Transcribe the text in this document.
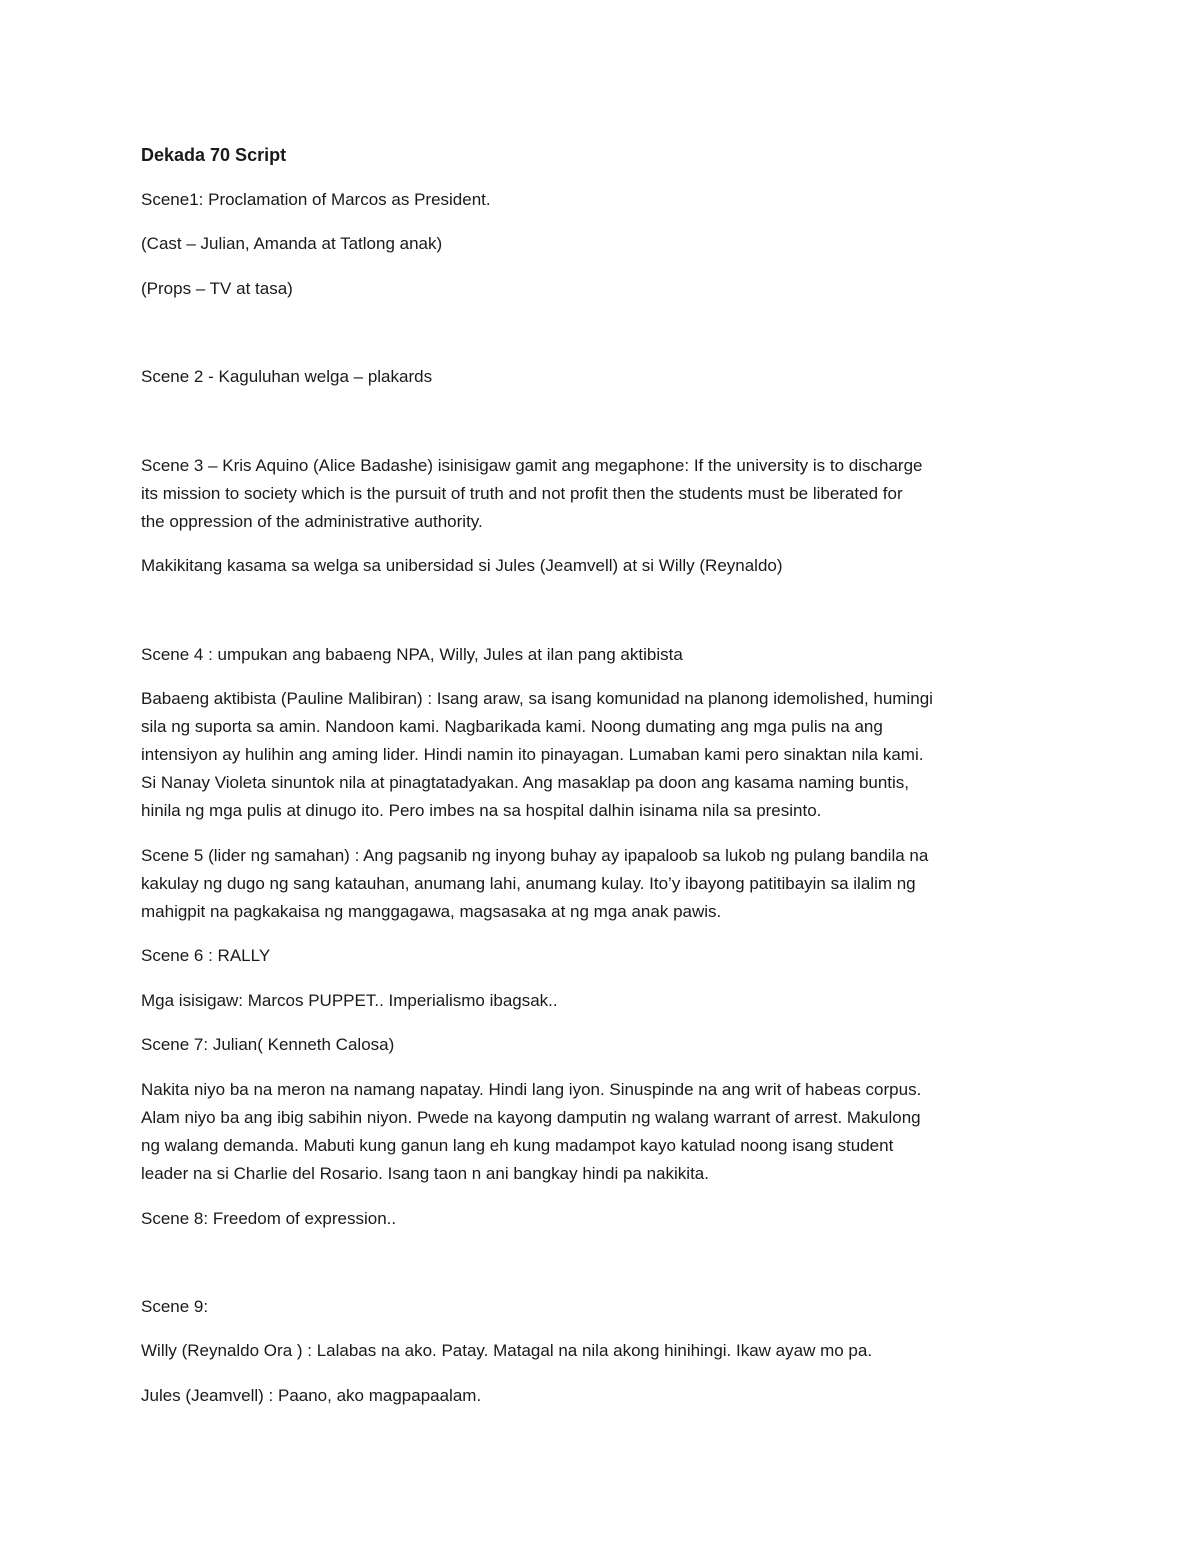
Dekada 70 Script

Scene1: Proclamation of Marcos as President.

(Cast – Julian, Amanda at Tatlong anak)

(Props – TV at tasa)

Scene 2 - Kaguluhan welga – plakards

Scene 3 – Kris Aquino (Alice Badashe) isinisigaw gamit ang megaphone: If the university is to discharge

its mission to society which is the pursuit of truth and not profit then the students must be liberated for

the oppression of the administrative authority.

Makikitang kasama sa welga sa unibersidad si Jules (Jeamvell) at si Willy (Reynaldo)

Scene 4 : umpukan ang babaeng NPA, Willy, Jules at ilan pang aktibista

Babaeng aktibista (Pauline Malibiran) : Isang araw, sa isang komunidad na planong idemolished, humingi

sila ng suporta sa amin. Nandoon kami. Nagbarikada kami. Noong dumating ang mga pulis na ang

intensiyon ay hulihin ang aming lider. Hindi namin ito pinayagan. Lumaban kami pero sinaktan nila kami.

Si Nanay Violeta sinuntok nila at pinagtatadyakan. Ang masaklap pa doon ang kasama naming buntis,

hinila ng mga pulis at dinugo ito. Pero imbes na sa hospital dalhin isinama nila sa presinto.

Scene 5 (lider ng samahan) : Ang pagsanib ng inyong buhay ay ipapaloob sa lukob ng pulang bandila na

kakulay ng dugo ng sang katauhan, anumang lahi, anumang kulay. Ito’y ibayong patitibayin sa ilalim ng

mahigpit na pagkakaisa ng manggagawa, magsasaka at ng mga anak pawis.

Scene 6 : RALLY

Mga isisigaw: Marcos PUPPET.. Imperialismo ibagsak..

Scene 7: Julian( Kenneth Calosa)

Nakita niyo ba na meron na namang napatay. Hindi lang iyon. Sinuspinde na ang writ of habeas corpus.

Alam niyo ba ang ibig sabihin niyon. Pwede na kayong damputin ng walang warrant of arrest. Makulong

ng walang demanda. Mabuti kung ganun lang eh kung madampot kayo katulad noong isang student

leader na si Charlie del Rosario. Isang taon n ani bangkay hindi pa nakikita.

Scene 8: Freedom of expression..

Scene 9:

Willy (Reynaldo Ora ) : Lalabas na ako. Patay. Matagal na nila akong hinihingi. Ikaw ayaw mo pa.

Jules (Jeamvell) : Paano, ako magpapaalam.
